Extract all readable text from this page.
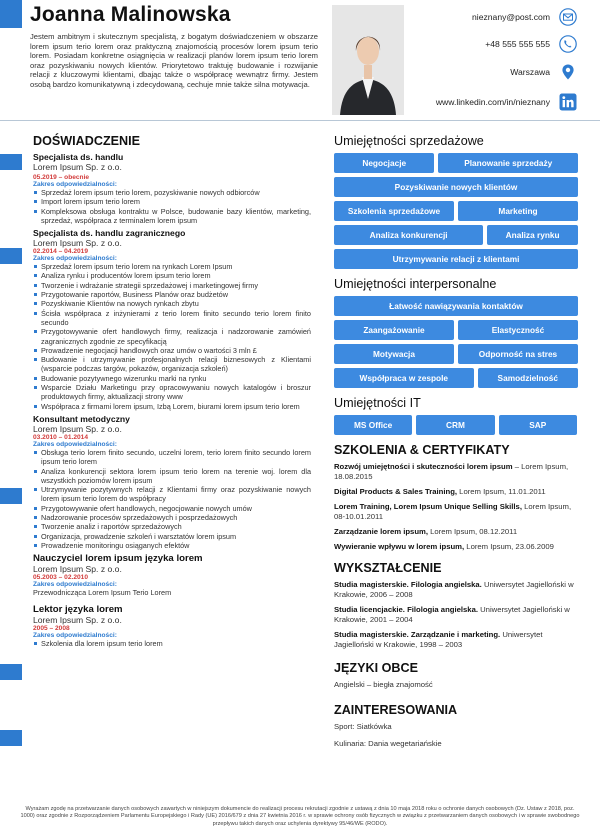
Joanna Malinowska
Jestem ambitnym i skutecznym specjalistą, z bogatym doświadczeniem w obszarze lorem ipsum terio lorem oraz praktyczną znajomością procesów lorem ipsum terio lorem. Posiadam konkretne osiągnięcia w realizacji planów lorem ipsum terio lorem oraz pozyskiwaniu nowych klientów. Priorytetowo traktuję budowanie i rozwijanie relacji z kluczowymi klientami, dbając także o współpracę wewnątrz firmy. Jestem osobą bardzo komunikatywną i zdecydowaną, cechuje mnie także silna motywacja.
nieznany@post.com
+48 555 555 555
Warszawa
www.linkedin.com/in/nieznany
DOŚWIADCZENIE
Specjalista ds. handlu
Lorem Ipsum Sp. z o.o.
05.2019 – obecnie
Zakres odpowiedzialności:
Sprzedaż lorem ipsum terio lorem, pozyskiwanie nowych odbiorców
Import lorem ipsum terio lorem
Kompleksowa obsługa kontraktu w Polsce, budowanie bazy klientów, marketing, sprzedaż, współpraca z terminalem lorem ipsum
Specjalista ds. handlu zagranicznego
Lorem Ipsum Sp. z o.o.
02.2014 – 04.2019
Zakres odpowiedzialności:
Sprzedaż lorem ipsum terio lorem na rynkach Lorem Ipsum
Analiza rynku i producentów lorem ipsum terio lorem
Tworzenie i wdrażanie strategii sprzedażowej i marketingowej firmy
Przygotowanie raportów, Business Planów oraz budżetów
Pozyskiwanie Klientów na nowych rynkach zbytu
Ścisła współpraca z inżynierami z terio lorem finito secundo terio lorem finito secundo
Przygotowywanie ofert handlowych firmy, realizacja i nadzorowanie zamówień zagranicznych zgodnie ze specyfikacją
Prowadzenie negocjacji handlowych oraz umów o wartości 3 mln £
Budowanie i utrzymywanie profesjonalnych relacji biznesowych z Klientami (wsparcie podczas targów, pokazów, organizacja szkoleń)
Budowanie pozytywnego wizerunku marki na rynku
Wsparcie Działu Marketingu przy opracowywaniu nowych katalogów i broszur produktowych firmy, aktualizacji strony www
Współpraca z firmami lorem ipsum, Izbą Lorem, biurami lorem ipsum terio lorem
Konsultant metodyczny
Lorem Ipsum Sp. z o.o.
03.2010 – 01.2014
Zakres odpowiedzialności:
Obsługa terio lorem finito secundo, uczelni lorem, terio lorem finito secundo lorem ipsum terio lorem
Analiza konkurencji sektora lorem ipsum terio lorem na terenie woj. lorem dla wszystkich poziomów lorem ipsum
Utrzymywanie pozytywnych relacji z Klientami firmy oraz pozyskiwanie nowych lorem ipsum terio lorem do współpracy
Przygotowywanie ofert handlowych, negocjowanie nowych umów
Nadzorowanie procesów sprzedażowych i posprzedażowych
Tworzenie analiz i raportów sprzedażowych
Organizacja, prowadzenie szkoleń i warsztatów lorem ipsum
Prowadzenie monitoringu osiąganych efektów
Nauczyciel lorem ipsum języka lorem
Lorem Ipsum Sp. z o.o.
05.2003 – 02.2010
Zakres odpowiedzialności:
Przewodnicząca Lorem Ipsum Terio Lorem
Lektor języka lorem
Lorem Ipsum Sp. z o.o.
2005 – 2008
Zakres odpowiedzialności:
Szkolenia dla lorem ipsum terio lorem
Umiejętności sprzedażowe
Negocjacje	Planowanie sprzedaży
Pozyskiwanie nowych klientów
Szkolenia sprzedażowe	Marketing
Analiza konkurencji	Analiza rynku
Utrzymywanie relacji z klientami
Umiejętności interpersonalne
Łatwość nawiązywania kontaktów
Zaangażowanie	Elastyczność
Motywacja	Odporność na stres
Współpraca w zespole	Samodzielność
Umiejętności IT
MS Office	CRM	SAP
SZKOLENIA & CERTYFIKATY
Rozwój umiejętności i skuteczności lorem ipsum – Lorem Ipsum, 18.08.2015
Digital Products & Sales Training, Lorem Ipsum, 11.01.2011
Lorem Training, Lorem Ipsum Unique Selling Skills, Lorem Ipsum, 08-10.01.2011
Zarządzanie lorem ipsum, Lorem Ipsum, 08.12.2011
Wywieranie wpływu w lorem ipsum, Lorem Ipsum, 23.06.2009
WYKSZTAŁCENIE
Studia magisterskie. Filologia angielska. Uniwersytet Jagielloński w Krakowie, 2006 – 2008
Studia licencjackie. Filologia angielska. Uniwersytet Jagielloński w Krakowie, 2001 – 2004
Studia magisterskie. Zarządzanie i marketing. Uniwersytet Jagielloński w Krakowie, 1998 – 2003
JĘZYKI OBCE
Angielski – biegła znajomość
ZAINTERESOWANIA
Sport: Siatkówka
Kulinaria: Dania wegetariańskie
Wyrażam zgodę na przetwarzanie danych osobowych zawartych w niniejszym dokumencie do realizacji procesu rekrutacji zgodnie z ustawą z dnia 10 maja 2018 roku o ochronie danych osobowych (Dz. Ustaw z 2018, poz. 1000) oraz zgodnie z Rozporządzeniem Parlamentu Europejskiego i Rady (UE) 2016/679 z dnia 27 kwietnia 2016 r. w sprawie ochrony osób fizycznych w związku z przetwarzaniem danych osobowych i w sprawie swobodnego przepływu takich danych oraz uchylenia dyrektywy 95/46/WE (RODO).
